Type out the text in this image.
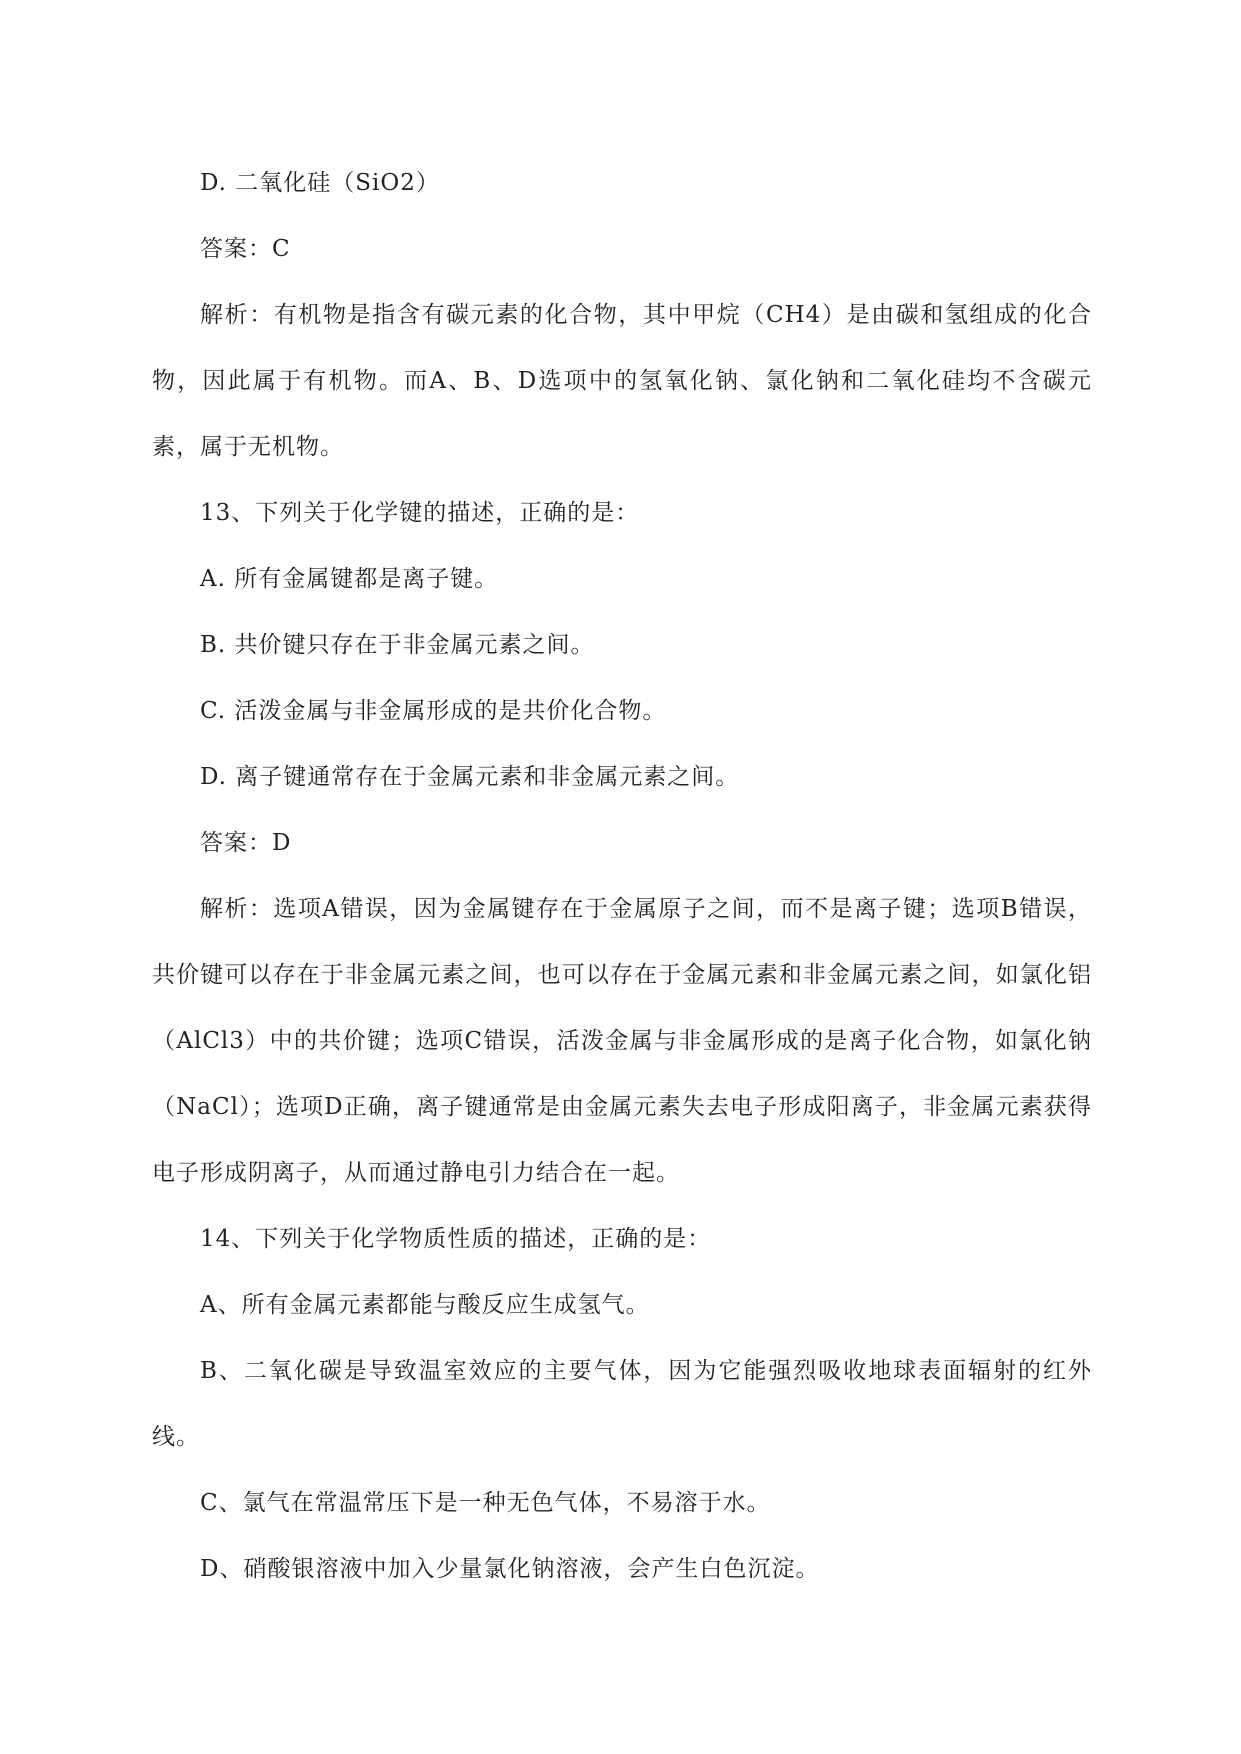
D. 二氧化硅（SiO2）

答案：C

解析：有机物是指含有碳元素的化合物，其中甲烷（CH4）是由碳和氢组成的化合物，因此属于有机物。而A、B、D选项中的氢氧化钠、氯化钠和二氧化硅均不含碳元素，属于无机物。

13、下列关于化学键的描述，正确的是：

A. 所有金属键都是离子键。

B. 共价键只存在于非金属元素之间。

C. 活泼金属与非金属形成的是共价化合物。

D. 离子键通常存在于金属元素和非金属元素之间。

答案：D

解析：选项A错误，因为金属键存在于金属原子之间，而不是离子键；选项B错误，共价键可以存在于非金属元素之间，也可以存在于金属元素和非金属元素之间，如氯化铝（AlCl3）中的共价键；选项C错误，活泼金属与非金属形成的是离子化合物，如氯化钠（NaCl）；选项D正确，离子键通常是由金属元素失去电子形成阳离子，非金属元素获得电子形成阴离子，从而通过静电引力结合在一起。

14、下列关于化学物质性质的描述，正确的是：

A、所有金属元素都能与酸反应生成氢气。

B、二氧化碳是导致温室效应的主要气体，因为它能强烈吸收地球表面辐射的红外线。

C、氯气在常温常压下是一种无色气体，不易溶于水。

D、硝酸银溶液中加入少量氯化钠溶液，会产生白色沉淀。
